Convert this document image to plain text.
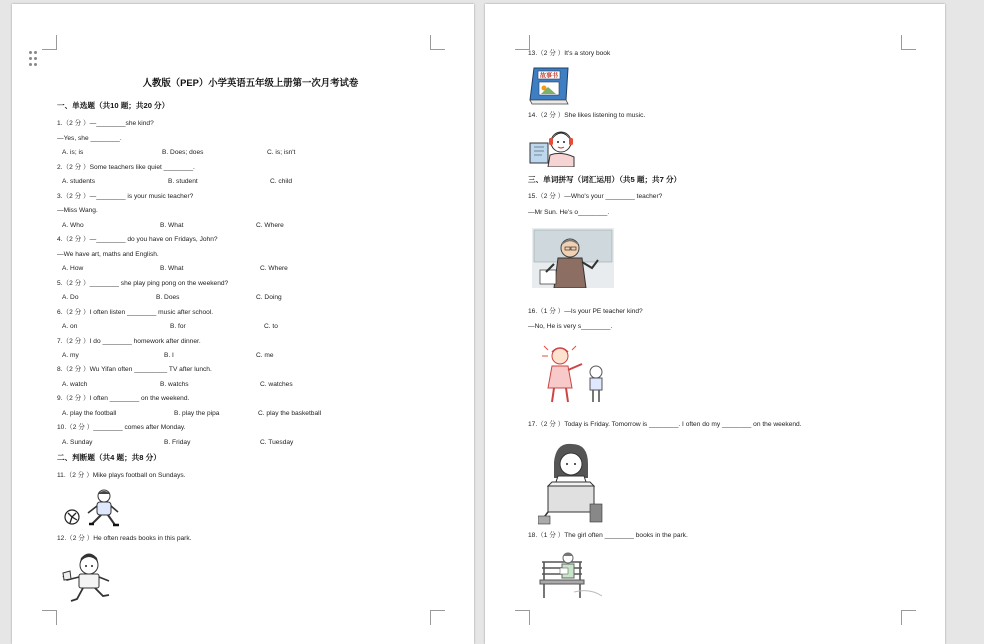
人教版（PEP）小学英语五年级上册第一次月考试卷
一、单选题（共10 题；共20 分）
1.（2 分 ）—________she kind?
—Yes, she ________.
A. is; is	B. Does; does	C. is; isn't
2.（2 分 ）Some teachers like quiet ________.
A. students	B. student	C. child
3.（2 分 ）—________ is your music teacher?
—Miss Wang.
A. Who	B. What	C. Where
4.（2 分 ）—________ do you have on Fridays, John?
—We have art, maths and English.
A. How	B. What	C. Where
5.（2 分 ）________ she play ping pong on the weekend?
A. Do	B. Does	C. Doing
6.（2 分 ）I often listen ________ music after school.
A. on	B. for	C. to
7.（2 分 ）I do ________ homework after dinner.
A. my	B. I	C. me
8.（2 分 ）Wu Yifan often _________ TV after lunch.
A. watch	B. watchs	C. watches
9.（2 分 ）I often ________ on the weekend.
A. play the football	B. play the pipa	C. play the basketball
10.（2 分 ）________ comes after Monday.
A. Sunday	B. Friday	C. Tuesday
二、判断题（共4 题；共8 分）
11.（2 分 ）Mike plays football on Sundays.
12.（2 分 ）He often reads books in this park.
13.（2 分 ）It's a story book
故事书
14.（2 分 ）She likes listening to music.
三、单词拼写（词汇运用）（共5 题；共7 分）
15.（2 分 ）—Who's your ________ teacher?
—Mr Sun. He's o________.
16.（1 分 ）—Is your PE teacher kind?
—No, He is very s________.
17.（2 分 ）Today is Friday. Tomorrow is ________. I often do my ________ on the weekend.
18.（1 分 ）The girl often ________ books in the park.
